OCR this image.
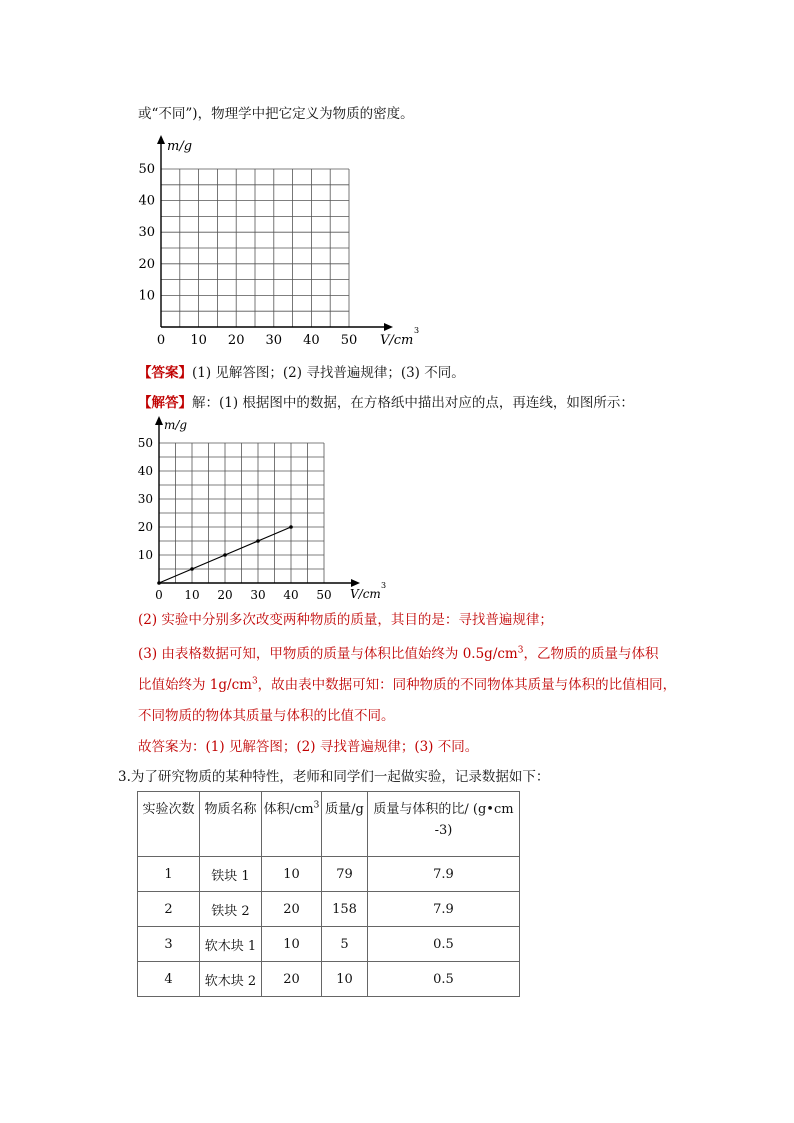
或“不同”)，物理学中把它定义为物质的密度。
m/g
V/cm
3
50
40
30
20
10
0 10 20 30 40 50
【答案】(1) 见解答图；(2) 寻找普遍规律；(3) 不同。
【解答】解：(1) 根据图中的数据，在方格纸中描出对应的点，再连线，如图所示：
m/g
V/cm
3
50
40
30
20
10
0 10 20 30 40 50
(2) 实验中分别多次改变两种物质的质量，其目的是：寻找普遍规律；
(3) 由表格数据可知，甲物质的质量与体积比值始终为 $0.5g/cm^3$，乙物质的质量与体积
比值始终为 $1g/cm^3$，故由表中数据可知：同种物质的不同物体其质量与体积的比值相同，
不同物质的物体其质量与体积的比值不同。
故答案为：(1) 见解答图；(2) 寻找普遍规律；(3) 不同。
3.为了研究物质的某种特性，老师和同学们一起做实验，记录数据如下：
实验次数	物质名称	体积$/cm^3$	质量/g	质量与体积的比/ (g•cm
-3)

1	铁块 1	10	79	7.9
2	铁块 2	20	158	7.9
3	软木块 1	10	5	0.5
4	软木块 2	20	10	0.5
